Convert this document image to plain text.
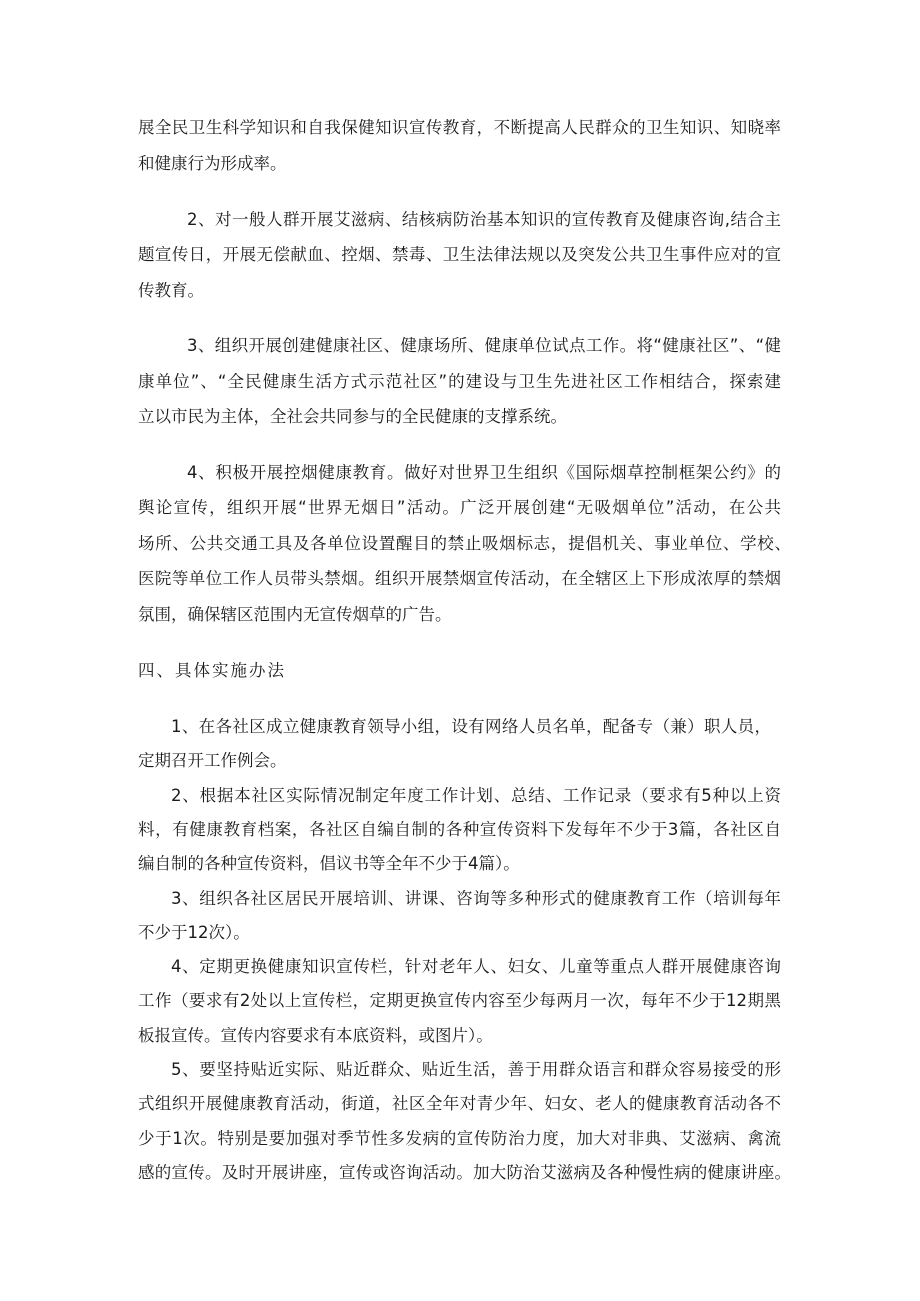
展全民卫生科学知识和自我保健知识宣传教育，不断提高人民群众的卫生知识、知晓率
和健康行为形成率。
2、对一般人群开展艾滋病、结核病防治基本知识的宣传教育及健康咨询,结合主
题宣传日，开展无偿献血、控烟、禁毒、卫生法律法规以及突发公共卫生事件应对的宣
传教育。
3、组织开展创建健康社区、健康场所、健康单位试点工作。将“健康社区”、“健
康单位”、“全民健康生活方式示范社区”的建设与卫生先进社区工作相结合，探索建
立以市民为主体，全社会共同参与的全民健康的支撑系统。
4、积极开展控烟健康教育。做好对世界卫生组织《国际烟草控制框架公约》的
舆论宣传，组织开展“世界无烟日”活动。广泛开展创建“无吸烟单位”活动，在公共
场所、公共交通工具及各单位设置醒目的禁止吸烟标志，提倡机关、事业单位、学校、
医院等单位工作人员带头禁烟。组织开展禁烟宣传活动，在全辖区上下形成浓厚的禁烟
氛围，确保辖区范围内无宣传烟草的广告。
四、具体实施办法
1、在各社区成立健康教育领导小组，设有网络人员名单，配备专（兼）职人员，
定期召开工作例会。
2、根据本社区实际情况制定年度工作计划、总结、工作记录（要求有5种以上资
料，有健康教育档案，各社区自编自制的各种宣传资料下发每年不少于3篇，各社区自
编自制的各种宣传资料，倡议书等全年不少于4篇）。
3、组织各社区居民开展培训、讲课、咨询等多种形式的健康教育工作（培训每年
不少于12次）。
4、定期更换健康知识宣传栏，针对老年人、妇女、儿童等重点人群开展健康咨询
工作（要求有2处以上宣传栏，定期更换宣传内容至少每两月一次，每年不少于12期黑
板报宣传。宣传内容要求有本底资料，或图片）。
5、要坚持贴近实际、贴近群众、贴近生活，善于用群众语言和群众容易接受的形
式组织开展健康教育活动，街道，社区全年对青少年、妇女、老人的健康教育活动各不
少于1次。特别是要加强对季节性多发病的宣传防治力度，加大对非典、艾滋病、禽流
感的宣传。及时开展讲座，宣传或咨询活动。加大防治艾滋病及各种慢性病的健康讲座。
